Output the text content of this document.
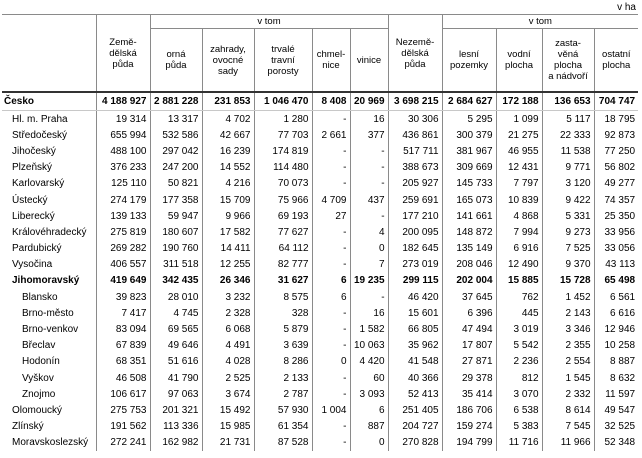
v ha
	Země-
dělská
půda	v tom					Nezemě-
dělská
půda	v tom			
		orná
půda	zahrady,
ovocné
sady	trvalé
travní
porosty	chmel-
nice	vinice		lesní
pozemky	vodní
plocha	zasta-
věná
plocha
a nádvoří	ostatní
plocha
Česko	4 188 927	2 881 228	231 853	1 046 470	8 408	20 969	3 698 215	2 684 627	172 188	136 653	704 747
Hl. m. Praha	19 314	13 317	4 702	1 280	-	16	30 306	5 295	1 099	5 117	18 795
Středočeský	655 994	532 586	42 667	77 703	2 661	377	436 861	300 379	21 275	22 333	92 873
Jihočeský	488 100	297 042	16 239	174 819	-	-	517 711	381 967	46 955	11 538	77 250
Plzeňský	376 233	247 200	14 552	114 480	-	-	388 673	309 669	12 431	9 771	56 802
Karlovarský	125 110	50 821	4 216	70 073	-	-	205 927	145 733	7 797	3 120	49 277
Ústecký	274 179	177 358	15 709	75 966	4 709	437	259 691	165 073	10 839	9 422	74 357
Liberecký	139 133	59 947	9 966	69 193	27	-	177 210	141 661	4 868	5 331	25 350
Královéhradecký	275 819	180 607	17 582	77 627	-	4	200 095	148 872	7 994	9 273	33 956
Pardubický	269 282	190 760	14 411	64 112	-	0	182 645	135 149	6 916	7 525	33 056
Vysočina	406 557	311 518	12 255	82 777	-	7	273 019	208 046	12 490	9 370	43 113
Jihomoravský	419 649	342 435	26 346	31 627	6	19 235	299 115	202 004	15 885	15 728	65 498
Blansko	39 823	28 010	3 232	8 575	6	-	46 420	37 645	762	1 452	6 561
Brno-město	7 417	4 745	2 328	328	-	16	15 601	6 396	445	2 143	6 616
Brno-venkov	83 094	69 565	6 068	5 879	-	1 582	66 805	47 494	3 019	3 346	12 946
Břeclav	67 839	49 646	4 491	3 639	-	10 063	35 962	17 807	5 542	2 355	10 258
Hodonín	68 351	51 616	4 028	8 286	0	4 420	41 548	27 871	2 236	2 554	8 887
Vyškov	46 508	41 790	2 525	2 133	-	60	40 366	29 378	812	1 545	8 632
Znojmo	106 617	97 063	3 674	2 787	-	3 093	52 413	35 414	3 070	2 332	11 597
Olomoucký	275 753	201 321	15 492	57 930	1 004	6	251 405	186 706	6 538	8 614	49 547
Zlínský	191 562	113 336	15 985	61 354	-	887	204 727	159 274	5 383	7 545	32 525
Moravskoslezský	272 241	162 982	21 731	87 528	-	0	270 828	194 799	11 716	11 966	52 348
